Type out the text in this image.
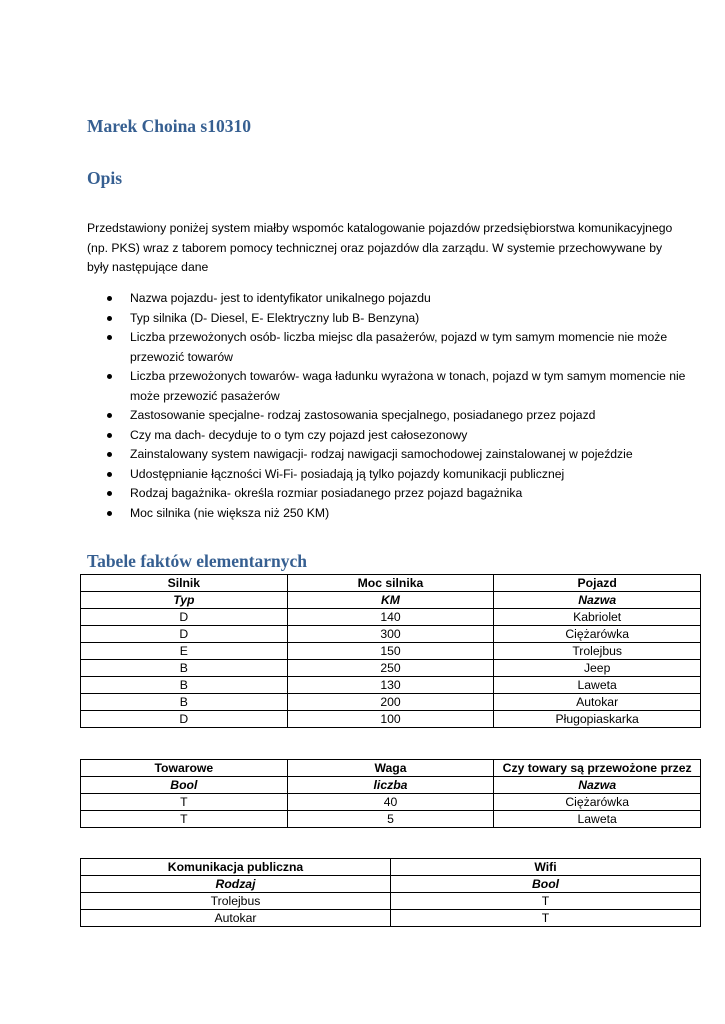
Marek Choina s10310
Opis

Przedstawiony poniżej system miałby wspomóc katalogowanie pojazdów przedsiębiorstwa komunikacyjnego (np. PKS) wraz z taborem pomocy technicznej oraz pojazdów dla zarządu. W systemie przechowywane by były następujące dane

Nazwa pojazdu- jest to identyfikator unikalnego pojazdu
Typ silnika (D- Diesel, E- Elektryczny lub B- Benzyna)
Liczba przewożonych osób- liczba miejsc dla pasażerów, pojazd w tym samym momencie nie może przewozić towarów
Liczba przewożonych towarów- waga ładunku wyrażona w tonach, pojazd w tym samym momencie nie może przewozić pasażerów
Zastosowanie specjalne- rodzaj zastosowania specjalnego, posiadanego przez pojazd
Czy ma dach- decyduje to o tym czy pojazd jest całosezonowy
Zainstalowany system nawigacji- rodzaj nawigacji samochodowej zainstalowanej w pojeździe
Udostępnianie łączności Wi-Fi- posiadają ją tylko pojazdy komunikacji publicznej
Rodzaj bagażnika- określa rozmiar posiadanego przez pojazd bagażnika
Moc silnika (nie większa niż 250 KM)
Tabele faktów elementarnych
Silnik	Moc silnika	Pojazd
Typ	KM	Nazwa
D	140	Kabriolet
D	300	Ciężarówka
E	150	Trolejbus
B	250	Jeep
B	130	Laweta
B	200	Autokar
D	100	Pługopiaskarka
Towarowe	Waga	Czy towary są przewożone przez
Bool	liczba	Nazwa
T	40	Ciężarówka
T	5	Laweta
Komunikacja publiczna	Wifi
Rodzaj	Bool
Trolejbus	T
Autokar	T
